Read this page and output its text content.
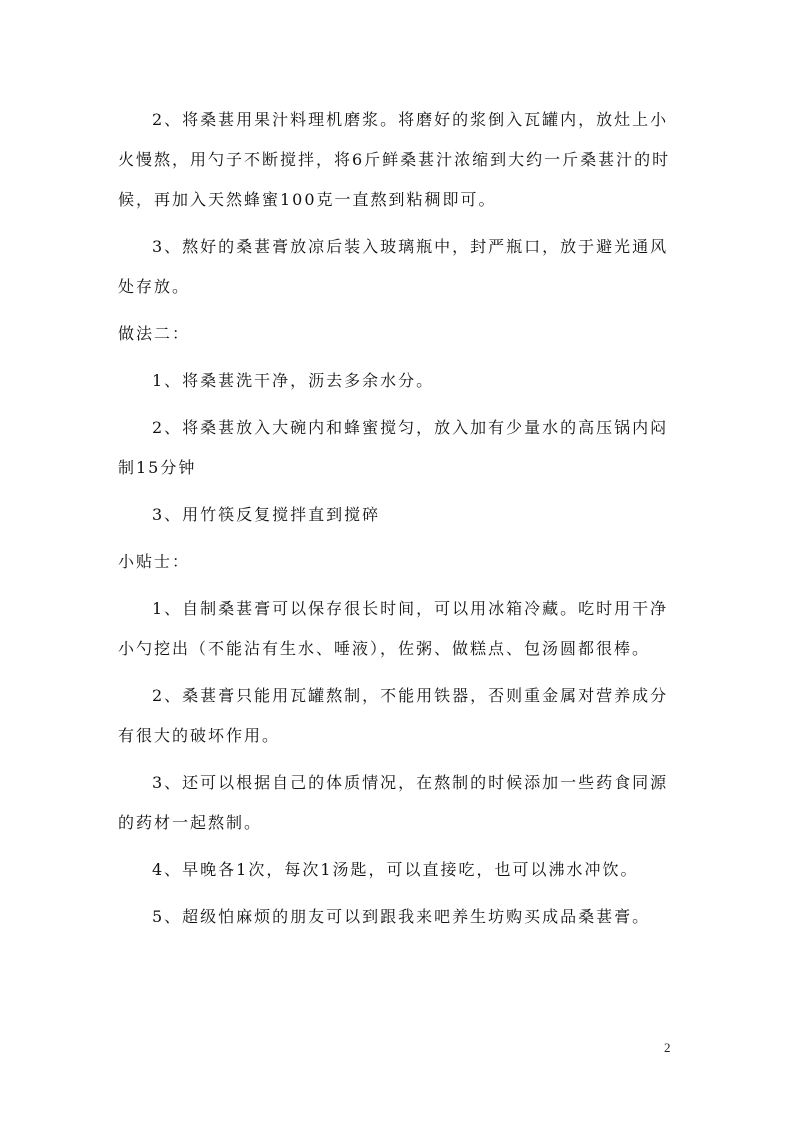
2、将桑葚用果汁料理机磨浆。将磨好的浆倒入瓦罐内，放灶上小火慢熬，用勺子不断搅拌，将6斤鲜桑葚汁浓缩到大约一斤桑葚汁的时候，再加入天然蜂蜜100克一直熬到粘稠即可。

3、熬好的桑葚膏放凉后装入玻璃瓶中，封严瓶口，放于避光通风处存放。

做法二：

1、将桑葚洗干净，沥去多余水分。

2、将桑葚放入大碗内和蜂蜜搅匀，放入加有少量水的高压锅内闷制15分钟

3、用竹筷反复搅拌直到搅碎

小贴士：

1、自制桑葚膏可以保存很长时间，可以用冰箱冷藏。吃时用干净小勺挖出（不能沾有生水、唾液），佐粥、做糕点、包汤圆都很棒。

2、桑葚膏只能用瓦罐熬制，不能用铁器，否则重金属对营养成分有很大的破坏作用。

3、还可以根据自己的体质情况，在熬制的时候添加一些药食同源的药材一起熬制。

4、早晚各1次，每次1汤匙，可以直接吃，也可以沸水冲饮。

5、超级怕麻烦的朋友可以到跟我来吧养生坊购买成品桑葚膏。

2
